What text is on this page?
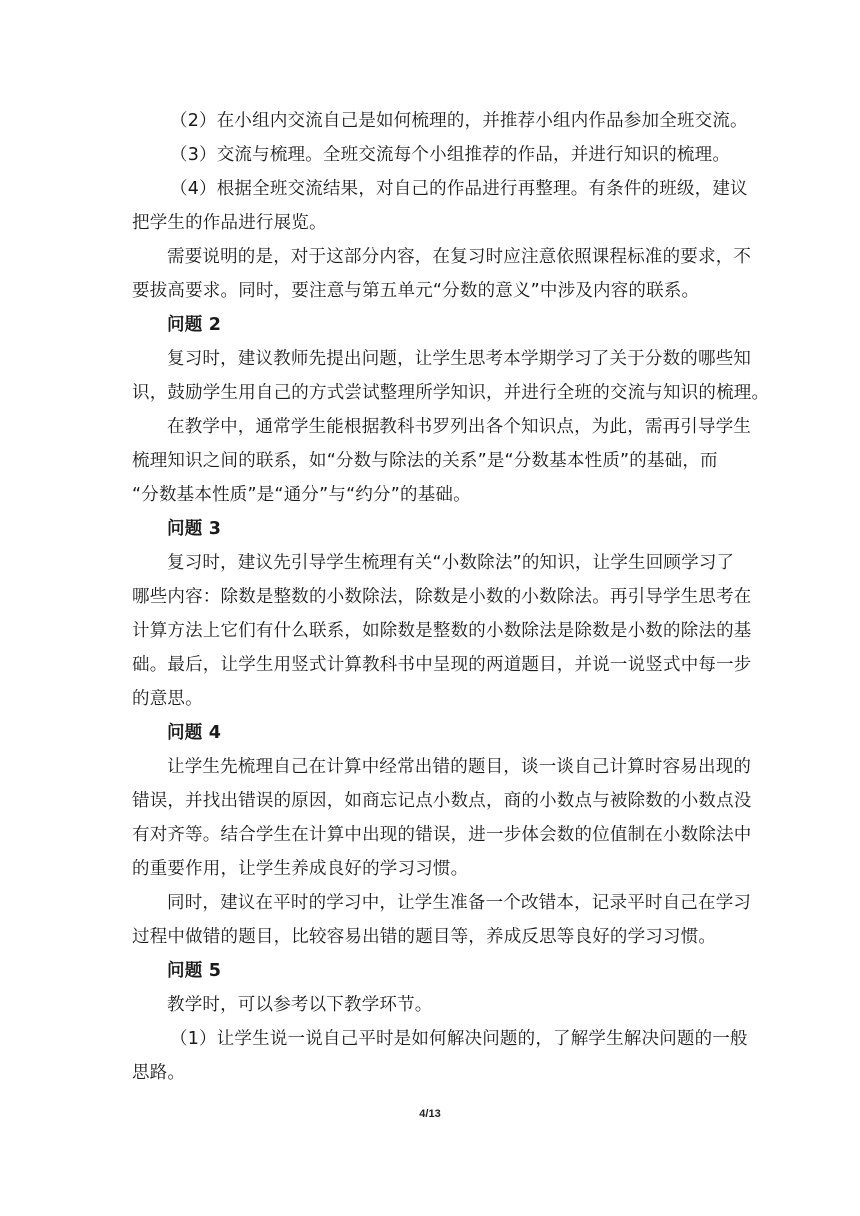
（2）在小组内交流自己是如何梳理的，并推荐小组内作品参加全班交流。
（3）交流与梳理。全班交流每个小组推荐的作品，并进行知识的梳理。
（4）根据全班交流结果，对自己的作品进行再整理。有条件的班级，建议
把学生的作品进行展览。
需要说明的是，对于这部分内容，在复习时应注意依照课程标准的要求，不
要拔高要求。同时，要注意与第五单元“分数的意义”中涉及内容的联系。
问题 2
复习时，建议教师先提出问题，让学生思考本学期学习了关于分数的哪些知
识，鼓励学生用自己的方式尝试整理所学知识，并进行全班的交流与知识的梳理。
在教学中，通常学生能根据教科书罗列出各个知识点，为此，需再引导学生
梳理知识之间的联系，如“分数与除法的关系”是“分数基本性质”的基础，而
“分数基本性质”是“通分”与“约分”的基础。
问题 3
复习时，建议先引导学生梳理有关“小数除法”的知识，让学生回顾学习了
哪些内容：除数是整数的小数除法，除数是小数的小数除法。再引导学生思考在
计算方法上它们有什么联系，如除数是整数的小数除法是除数是小数的除法的基
础。最后，让学生用竖式计算教科书中呈现的两道题目，并说一说竖式中每一步
的意思。
问题 4
让学生先梳理自己在计算中经常出错的题目，谈一谈自己计算时容易出现的
错误，并找出错误的原因，如商忘记点小数点，商的小数点与被除数的小数点没
有对齐等。结合学生在计算中出现的错误，进一步体会数的位值制在小数除法中
的重要作用，让学生养成良好的学习习惯。
同时，建议在平时的学习中，让学生准备一个改错本，记录平时自己在学习
过程中做错的题目，比较容易出错的题目等，养成反思等良好的学习习惯。
问题 5
教学时，可以参考以下教学环节。
（1）让学生说一说自己平时是如何解决问题的，了解学生解决问题的一般
思路。
4/13
